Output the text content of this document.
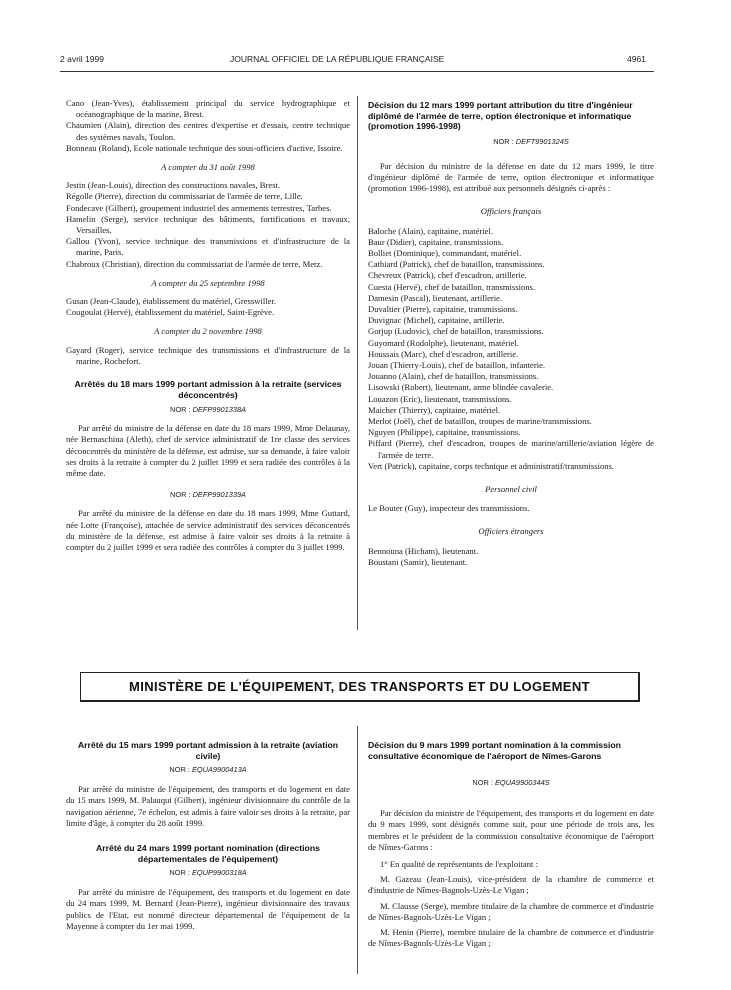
2 avril 1999	JOURNAL OFFICIEL DE LA RÉPUBLIQUE FRANÇAISE	4961

Cano (Jean-Yves), établissement principal du service hydrographique et océanographique de la marine, Brest.

Chaumien (Alain), direction des centres d'expertise et d'essais, centre technique des systèmes navals, Toulon.

Bonneau (Roland), Ecole nationale technique des sous-officiers d'active, Issoire.

A compter du 31 août 1998

Jestin (Jean-Louis), direction des constructions navales, Brest.

Régolle (Pierre), direction du commissariat de l'armée de terre, Lille.

Fondecave (Gilbert), groupement industriel des armements terrestres, Tarbes.

Hamelin (Serge), service technique des bâtiments, fortifications et travaux, Versailles.

Gallou (Yvon), service technique des transmissions et d'infrastructure de la marine, Paris.

Chabroux (Christian), direction du commissariat de l'armée de terre, Metz.

A compter du 25 septembre 1998

Gusan (Jean-Claude), établissement du matériel, Gresswiller.

Cougoulat (Hervé), établissement du matériel, Saint-Egrève.

A compter du 2 novembre 1998

Gayard (Roger), service technique des transmissions et d'infrastructure de la marine, Rochefort.

Arrêtés du 18 mars 1999 portant admission à la retraite (services déconcentrés)

NOR : DEFP9901338A

Par arrêté du ministre de la défense en date du 18 mars 1999, Mme Delaunay, née Bernaschina (Aleth), chef de service administratif de 1re classe des services déconcentrés du ministère de la défense, est admise, sur sa demande, à faire valoir ses droits à la retraite à compter du 2 juillet 1999 et sera radiée des contrôles à la même date.

NOR : DEFP9901339A

Par arrêté du ministre de la défense en date du 18 mars 1999, Mme Guttard, née Lotte (Françoise), attachée de service administratif des services déconcentrés du ministère de la défense, est admise à faire valoir ses droits à la retraite à compter du 2 juillet 1999 et sera radiée des contrôles à compter du 3 juillet 1999.

Décision du 12 mars 1999 portant attribution du titre d'ingénieur diplômé de l'armée de terre, option électronique et informatique (promotion 1996-1998)

NOR : DEFT9901324S

Par décision du ministre de la défense en date du 12 mars 1999, le titre d'ingénieur diplômé de l'armée de terre, option électronique et informatique (promotion 1996-1998), est attribué aux personnels désignés ci-après :

Officiers français

Baloche (Alain), capitaine, matériel.

Baur (Didier), capitaine, transmissions.

Bolliet (Dominique), commandant, matériel.

Cathiard (Patrick), chef de bataillon, transmissions.

Chevreux (Patrick), chef d'escadron, artillerie.

Cuesta (Hervé), chef de bataillon, transmissions.

Damesin (Pascal), lieutenant, artillerie.

Duvaltier (Pierre), capitaine, transmissions.

Duvignac (Michel), capitaine, artillerie.

Gorjup (Ludovic), chef de bataillon, transmissions.

Guyomard (Rodolphe), lieutenant, matériel.

Houssais (Marc), chef d'escadron, artillerie.

Jouan (Thierry-Louis), chef de bataillon, infanterie.

Jouanno (Alain), chef de bataillon, transmissions.

Lisowski (Robert), lieutenant, arme blindée cavalerie.

Louazon (Eric), lieutenant, transmissions.

Maicher (Thierry), capitaine, matériel.

Merlot (Joël), chef de bataillon, troupes de marine/transmissions.

Nguyen (Philippe), capitaine, transmissions.

Piffard (Pierre), chef d'escadron, troupes de marine/artillerie/aviation légère de l'armée de terre.

Vert (Patrick), capitaine, corps technique et administratif/transmissions.

Personnel civil

Le Bouter (Guy), inspecteur des transmissions.

Officiers étrangers

Bennouna (Hicham), lieutenant.

Boustani (Samir), lieutenant.

MINISTÈRE DE L'ÉQUIPEMENT, DES TRANSPORTS ET DU LOGEMENT
Arrêté du 15 mars 1999 portant admission à la retraite (aviation civile)

NOR : EQUA9900413A

Par arrêté du ministre de l'équipement, des transports et du logement en date du 15 mars 1999, M. Palauqui (Gilbert), ingénieur divisionnaire du contrôle de la navigation aérienne, 7e échelon, est admis à faire valoir ses droits à la retraite, par limite d'âge, à compter du 28 août 1999.

Arrêté du 24 mars 1999 portant nomination (directions départementales de l'équipement)

NOR : EQUP9900318A

Par arrêté du ministre de l'équipement, des transports et du logement en date du 24 mars 1999, M. Bernard (Jean-Pierre), ingénieur divisionnaire des travaux publics de l'Etat, est nommé directeur départemental de l'équipement de la Mayenne à compter du 1er mai 1999.

Décision du 9 mars 1999 portant nomination à la commission consultative économique de l'aéroport de Nîmes-Garons

NOR : EQUA9900344S

Par décision du ministre de l'équipement, des transports et du logement en date du 9 mars 1999, sont désignés comme suit, pour une période de trois ans, les membres et le président de la commission consultative économique de l'aéroport de Nîmes-Garons :

1° En qualité de représentants de l'exploitant :

M. Gazeau (Jean-Louis), vice-président de la chambre de commerce et d'industrie de Nîmes-Bagnols-Uzès-Le Vigan ;

M. Clausse (Serge), membre titulaire de la chambre de commerce et d'industrie de Nîmes-Bagnols-Uzès-Le Vigan ;

M. Henin (Pierre), membre titulaire de la chambre de commerce et d'industrie de Nîmes-Bagnols-Uzès-Le Vigan ;
